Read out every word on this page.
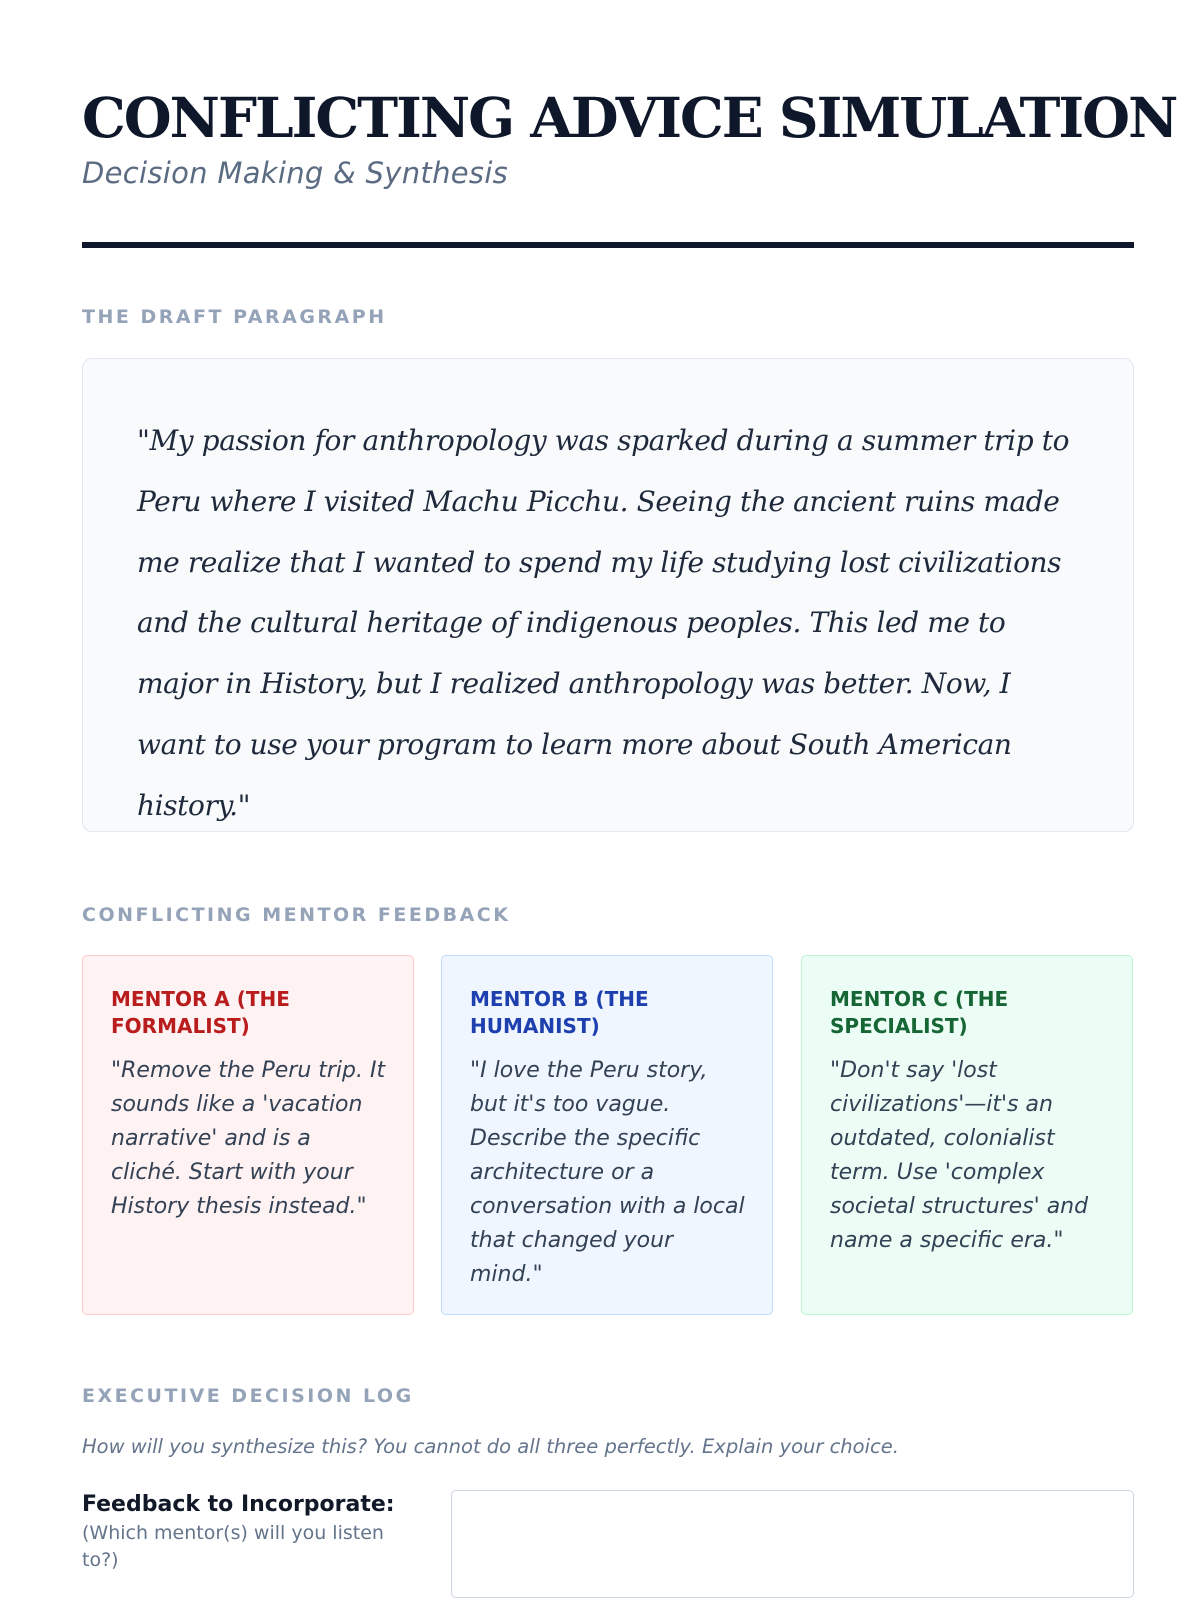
CONFLICTING ADVICE SIMULATION
Decision Making & Synthesis
THE DRAFT PARAGRAPH

"My passion for anthropology was sparked during a summer trip to Peru where I visited Machu Picchu. Seeing the ancient ruins made me realize that I wanted to spend my life studying lost civilizations and the cultural heritage of indigenous peoples. This led me to major in History, but I realized anthropology was better. Now, I want to use your program to learn more about South American history."

CONFLICTING MENTOR FEEDBACK
MENTOR A (THE FORMALIST)

"Remove the Peru trip. It sounds like a 'vacation narrative' and is a cliché. Start with your History thesis instead."

MENTOR B (THE HUMANIST)

"I love the Peru story, but it's too vague. Describe the specific architecture or a conversation with a local that changed your mind."

MENTOR C (THE SPECIALIST)

"Don't say 'lost civilizations'—it's an outdated, colonialist term. Use 'complex societal structures' and name a specific era."

EXECUTIVE DECISION LOG
How will you synthesize this? You cannot do all three perfectly. Explain your choice.
Feedback to Incorporate:
(Which mentor(s) will you listen to?)
